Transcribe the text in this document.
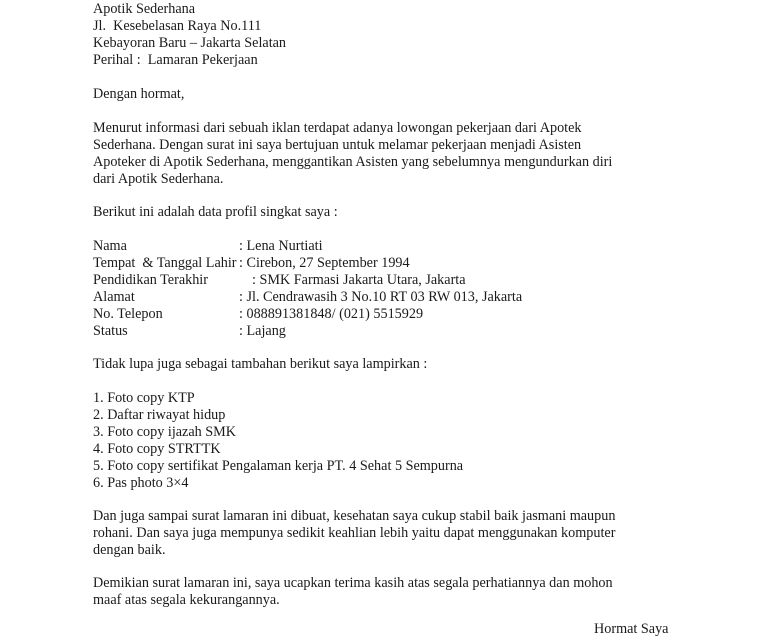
Apotik Sederhana
Jl.  Kesebelasan Raya No.111
Kebayoran Baru – Jakarta Selatan
Perihal :  Lamaran Pekerjaan
Dengan hormat,
Menurut informasi dari sebuah iklan terdapat adanya lowongan pekerjaan dari Apotek
Sederhana. Dengan surat ini saya bertujuan untuk melamar pekerjaan menjadi Asisten
Apoteker di Apotik Sederhana, menggantikan Asisten yang sebelumnya mengundurkan diri
dari Apotik Sederhana.
Berikut ini adalah data profil singkat saya :
Nama	: Lena Nurtiati
Tempat  & Tanggal Lahir : Cirebon, 27 September 1994
Pendidikan Terakhir	: SMK Farmasi Jakarta Utara, Jakarta
Alamat	: Jl. Cendrawasih 3 No.10 RT 03 RW 013, Jakarta
No. Telepon	: 088891381848/ (021) 5515929
Status	: Lajang
Tidak lupa juga sebagai tambahan berikut saya lampirkan :
1. Foto copy KTP
2. Daftar riwayat hidup
3. Foto copy ijazah SMK
4. Foto copy STRTTK
5. Foto copy sertifikat Pengalaman kerja PT. 4 Sehat 5 Sempurna
6. Pas photo 3×4
Dan juga sampai surat lamaran ini dibuat, kesehatan saya cukup stabil baik jasmani maupun
rohani. Dan saya juga mempunya sedikit keahlian lebih yaitu dapat menggunakan komputer
dengan baik.
Demikian surat lamaran ini, saya ucapkan terima kasih atas segala perhatiannya dan mohon
maaf atas segala kekurangannya.
Hormat Saya
